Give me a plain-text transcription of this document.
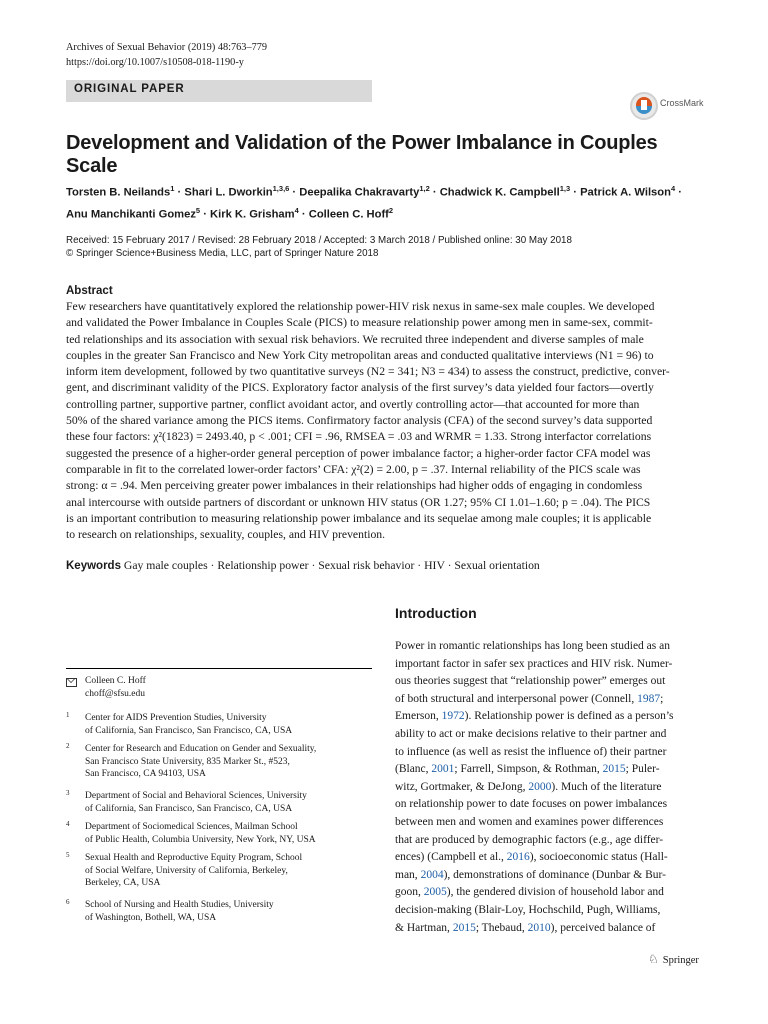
Archives of Sexual Behavior (2019) 48:763–779
https://doi.org/10.1007/s10508-018-1190-y
ORIGINAL PAPER
CrossMark
Development and Validation of the Power Imbalance in Couples Scale
Torsten B. Neilands$^1$ · Shari L. Dworkin$^{1,3,6}$ · Deepalika Chakravarty$^{1,2}$ · Chadwick K. Campbell$^{1,3}$ · Patrick A. Wilson$^4$ ·
Anu Manchikanti Gomez$^5$ · Kirk K. Grisham$^4$ · Colleen C. Hoff$^2$
Received: 15 February 2017 / Revised: 28 February 2018 / Accepted: 3 March 2018 / Published online: 30 May 2018
© Springer Science+Business Media, LLC, part of Springer Nature 2018
Abstract
Few researchers have quantitatively explored the relationship power-HIV risk nexus in same-sex male couples. We developed
and validated the Power Imbalance in Couples Scale (PICS) to measure relationship power among men in same-sex, commit-
ted relationships and its association with sexual risk behaviors. We recruited three independent and diverse samples of male
couples in the greater San Francisco and New York City metropolitan areas and conducted qualitative interviews (N1 = 96) to
inform item development, followed by two quantitative surveys (N2 = 341; N3 = 434) to assess the construct, predictive, conver-
gent, and discriminant validity of the PICS. Exploratory factor analysis of the first survey’s data yielded four factors—overtly
controlling partner, supportive partner, conflict avoidant actor, and overtly controlling actor—that accounted for more than
50% of the shared variance among the PICS items. Confirmatory factor analysis (CFA) of the second survey’s data supported
these four factors: χ²(1823) = 2493.40, p < .001; CFI = .96, RMSEA = .03 and WRMR = 1.33. Strong interfactor correlations
suggested the presence of a higher-order general perception of power imbalance factor; a higher-order factor CFA model was
comparable in fit to the correlated lower-order factors’ CFA: χ²(2) = 2.00, p = .37. Internal reliability of the PICS scale was
strong: α = .94. Men perceiving greater power imbalances in their relationships had higher odds of engaging in condomless
anal intercourse with outside partners of discordant or unknown HIV status (OR 1.27; 95% CI 1.01–1.60; p = .04). The PICS
is an important contribution to measuring relationship power imbalance and its sequelae among male couples; it is applicable
to research on relationships, sexuality, couples, and HIV prevention.
Keywords Gay male couples · Relationship power · Sexual risk behavior · HIV · Sexual orientation
Introduction
Power in romantic relationships has long been studied as an
important factor in safer sex practices and HIV risk. Numer-
ous theories suggest that “relationship power” emerges out
of both structural and interpersonal power (Connell, 1987;
Emerson, 1972). Relationship power is defined as a person’s
ability to act or make decisions relative to their partner and
to influence (as well as resist the influence of) their partner
(Blanc, 2001; Farrell, Simpson, & Rothman, 2015; Puler-
witz, Gortmaker, & DeJong, 2000). Much of the literature
on relationship power to date focuses on power imbalances
between men and women and examines power differences
that are produced by demographic factors (e.g., age differ-
ences) (Campbell et al., 2016), socioeconomic status (Hall-
man, 2004), demonstrations of dominance (Dunbar & Bur-
goon, 2005), the gendered division of household labor and
decision-making (Blair-Loy, Hochschild, Pugh, Williams,
& Hartman, 2015; Thebaud, 2010), perceived balance of
Colleen C. Hoff
choff@sfsu.edu
1 Center for AIDS Prevention Studies, University
of California, San Francisco, San Francisco, CA, USA
2 Center for Research and Education on Gender and Sexuality,
San Francisco State University, 835 Marker St., #523,
San Francisco, CA 94103, USA
3 Department of Social and Behavioral Sciences, University
of California, San Francisco, San Francisco, CA, USA
4 Department of Sociomedical Sciences, Mailman School
of Public Health, Columbia University, New York, NY, USA
5 Sexual Health and Reproductive Equity Program, School
of Social Welfare, University of California, Berkeley,
Berkeley, CA, USA
6 School of Nursing and Health Studies, University
of Washington, Bothell, WA, USA
♘ Springer
